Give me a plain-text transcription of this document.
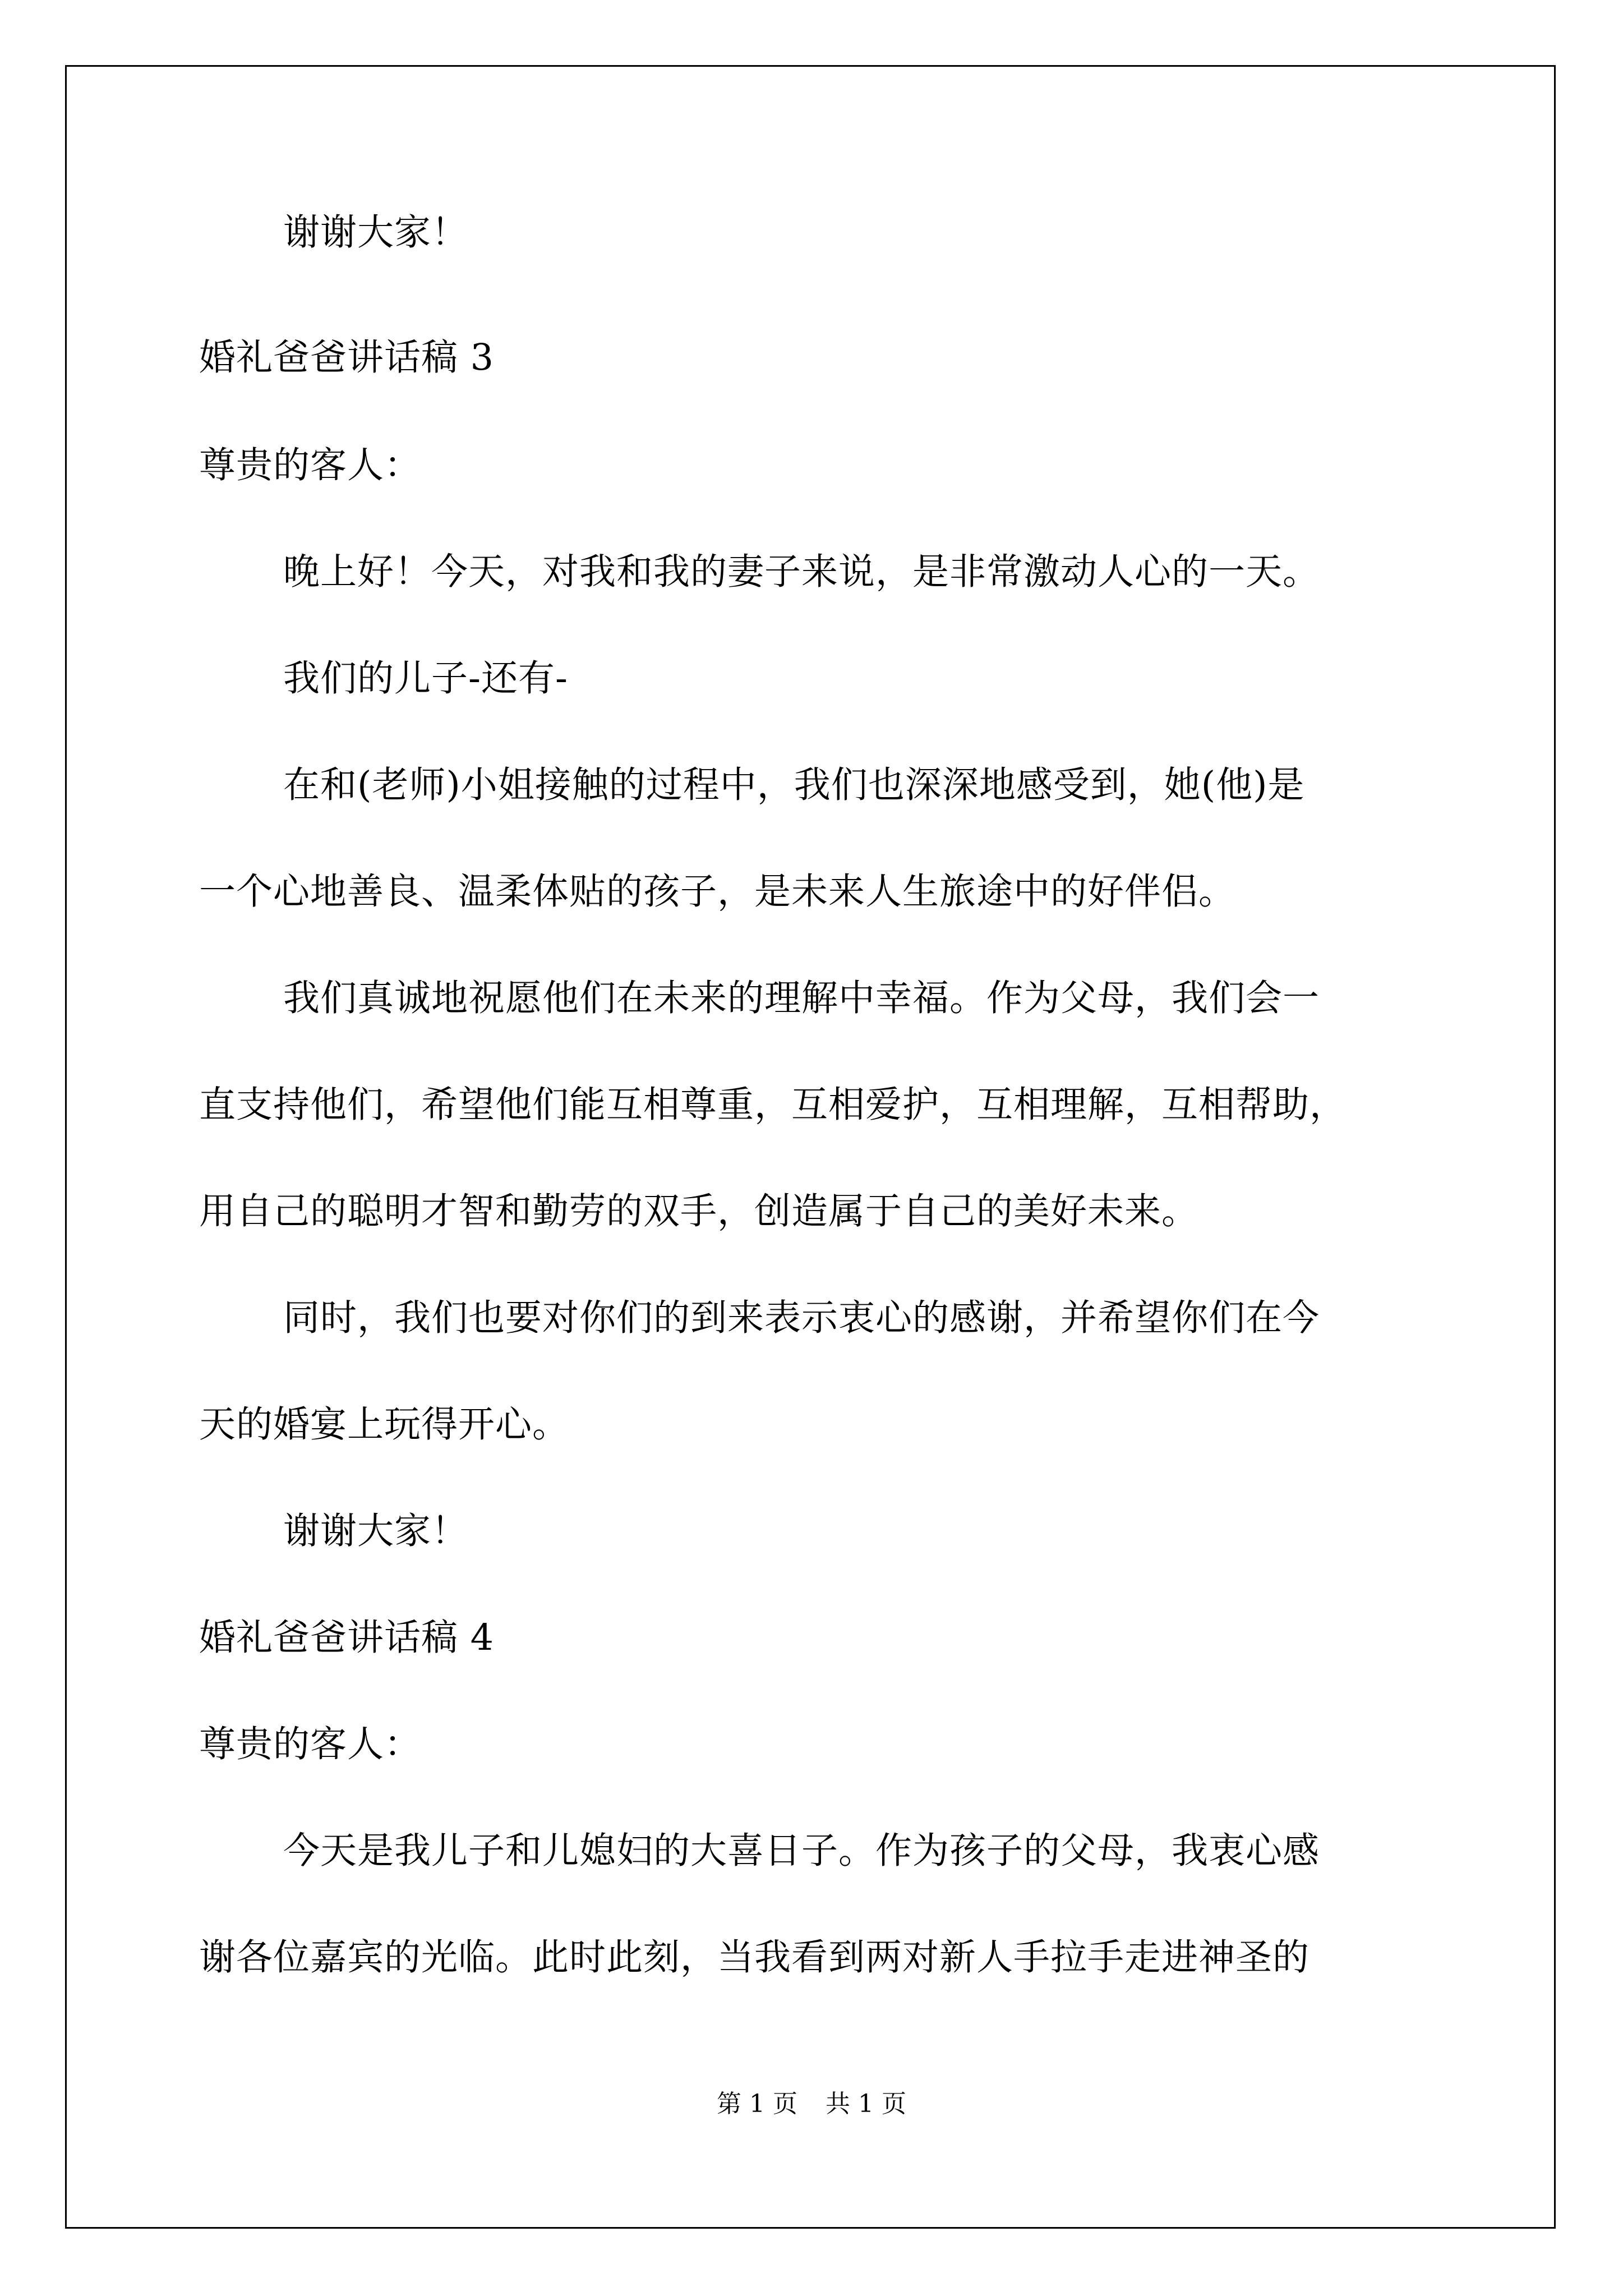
谢谢大家！
婚礼爸爸讲话稿 3
尊贵的客人：
晚上好！今天，对我和我的妻子来说，是非常激动人心的一天。
我们的儿子-还有-
在和(老师)小姐接触的过程中，我们也深深地感受到，她(他)是
一个心地善良、温柔体贴的孩子，是未来人生旅途中的好伴侣。
我们真诚地祝愿他们在未来的理解中幸福。作为父母，我们会一
直支持他们，希望他们能互相尊重，互相爱护，互相理解，互相帮助，
用自己的聪明才智和勤劳的双手，创造属于自己的美好未来。
同时，我们也要对你们的到来表示衷心的感谢，并希望你们在今
天的婚宴上玩得开心。
谢谢大家！
婚礼爸爸讲话稿 4
尊贵的客人：
今天是我儿子和儿媳妇的大喜日子。作为孩子的父母，我衷心感
谢各位嘉宾的光临。此时此刻，当我看到两对新人手拉手走进神圣的
第 1 页 共 1 页
